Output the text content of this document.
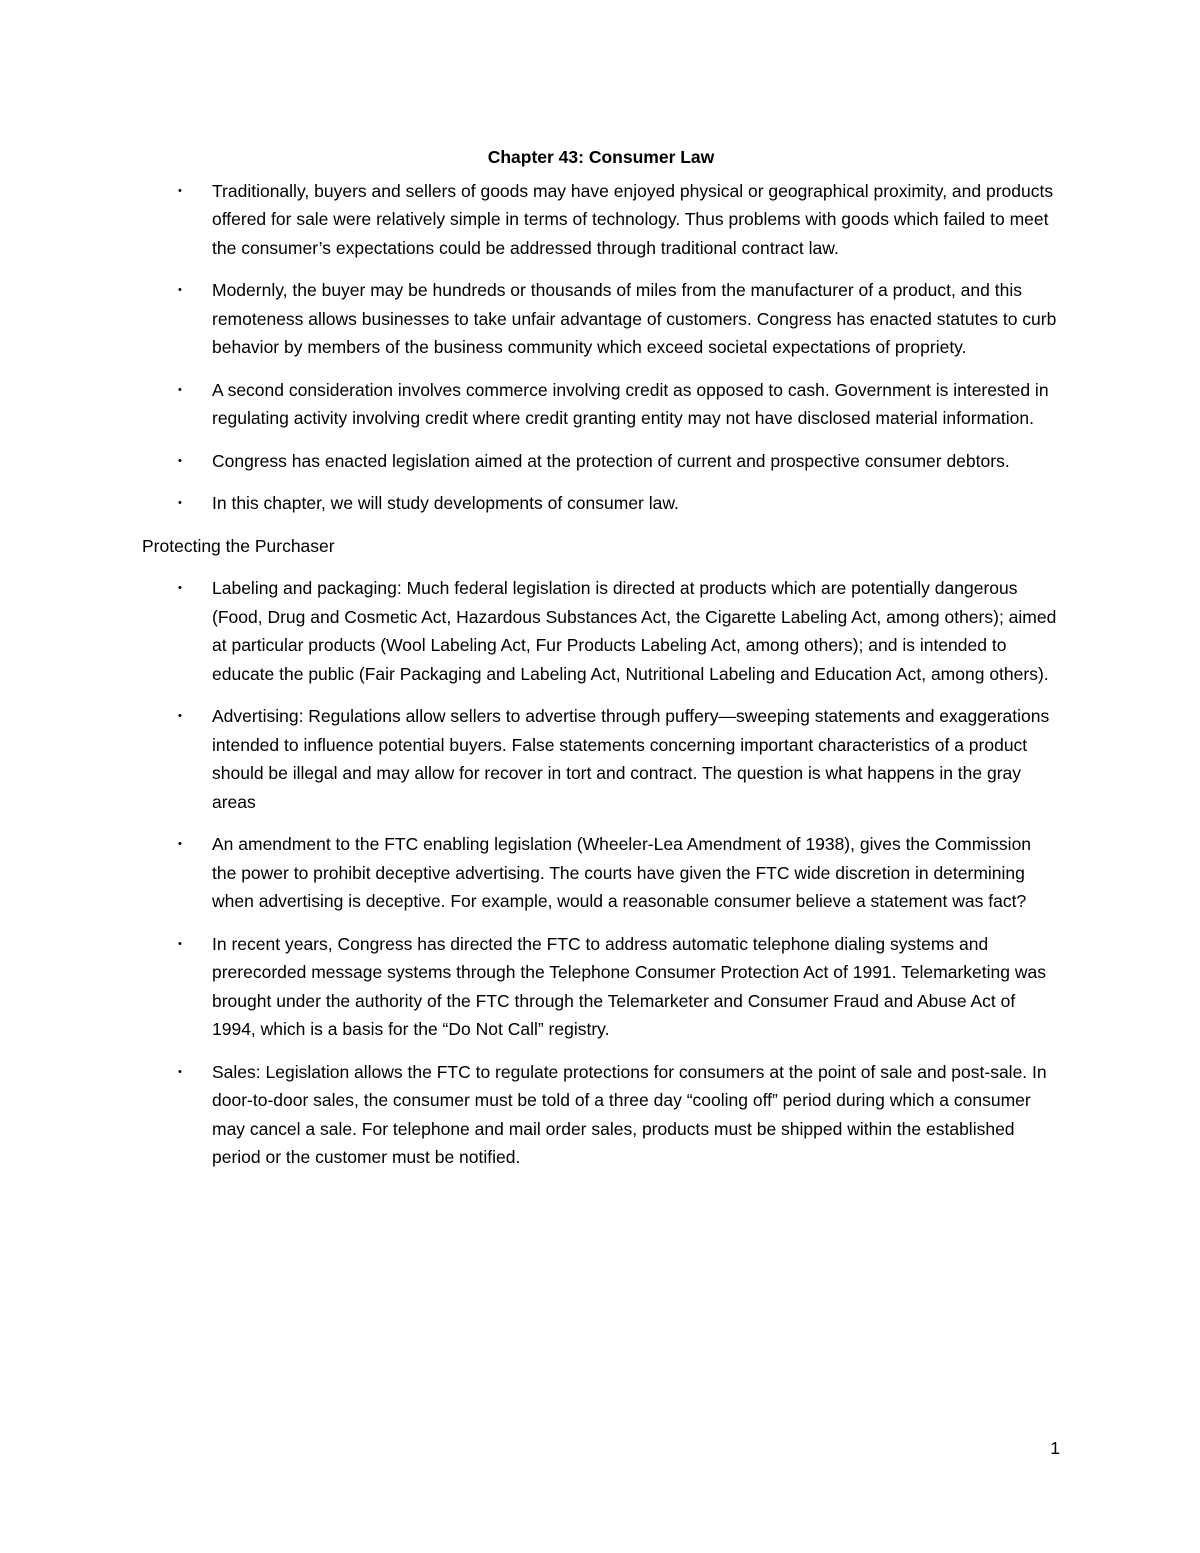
Chapter 43: Consumer Law
• Traditionally, buyers and sellers of goods may have enjoyed physical or geographical proximity, and products offered for sale were relatively simple in terms of technology. Thus problems with goods which failed to meet the consumer’s expectations could be addressed through traditional contract law.
• Modernly, the buyer may be hundreds or thousands of miles from the manufacturer of a product, and this remoteness allows businesses to take unfair advantage of customers. Congress has enacted statutes to curb behavior by members of the business community which exceed societal expectations of propriety.
• A second consideration involves commerce involving credit as opposed to cash. Government is interested in regulating activity involving credit where credit granting entity may not have disclosed material information.
• Congress has enacted legislation aimed at the protection of current and prospective consumer debtors.
• In this chapter, we will study developments of consumer law.
Protecting the Purchaser
• Labeling and packaging: Much federal legislation is directed at products which are potentially dangerous (Food, Drug and Cosmetic Act, Hazardous Substances Act, the Cigarette Labeling Act, among others); aimed at particular products (Wool Labeling Act, Fur Products Labeling Act, among others); and is intended to educate the public (Fair Packaging and Labeling Act, Nutritional Labeling and Education Act, among others).
• Advertising: Regulations allow sellers to advertise through puffery—sweeping statements and exaggerations intended to influence potential buyers. False statements concerning important characteristics of a product should be illegal and may allow for recover in tort and contract. The question is what happens in the gray areas
• An amendment to the FTC enabling legislation (Wheeler-Lea Amendment of 1938), gives the Commission the power to prohibit deceptive advertising. The courts have given the FTC wide discretion in determining when advertising is deceptive. For example, would a reasonable consumer believe a statement was fact?
• In recent years, Congress has directed the FTC to address automatic telephone dialing systems and prerecorded message systems through the Telephone Consumer Protection Act of 1991. Telemarketing was brought under the authority of the FTC through the Telemarketer and Consumer Fraud and Abuse Act of 1994, which is a basis for the “Do Not Call” registry.
• Sales: Legislation allows the FTC to regulate protections for consumers at the point of sale and post-sale. In door-to-door sales, the consumer must be told of a three day “cooling off” period during which a consumer may cancel a sale. For telephone and mail order sales, products must be shipped within the established period or the customer must be notified.
1
